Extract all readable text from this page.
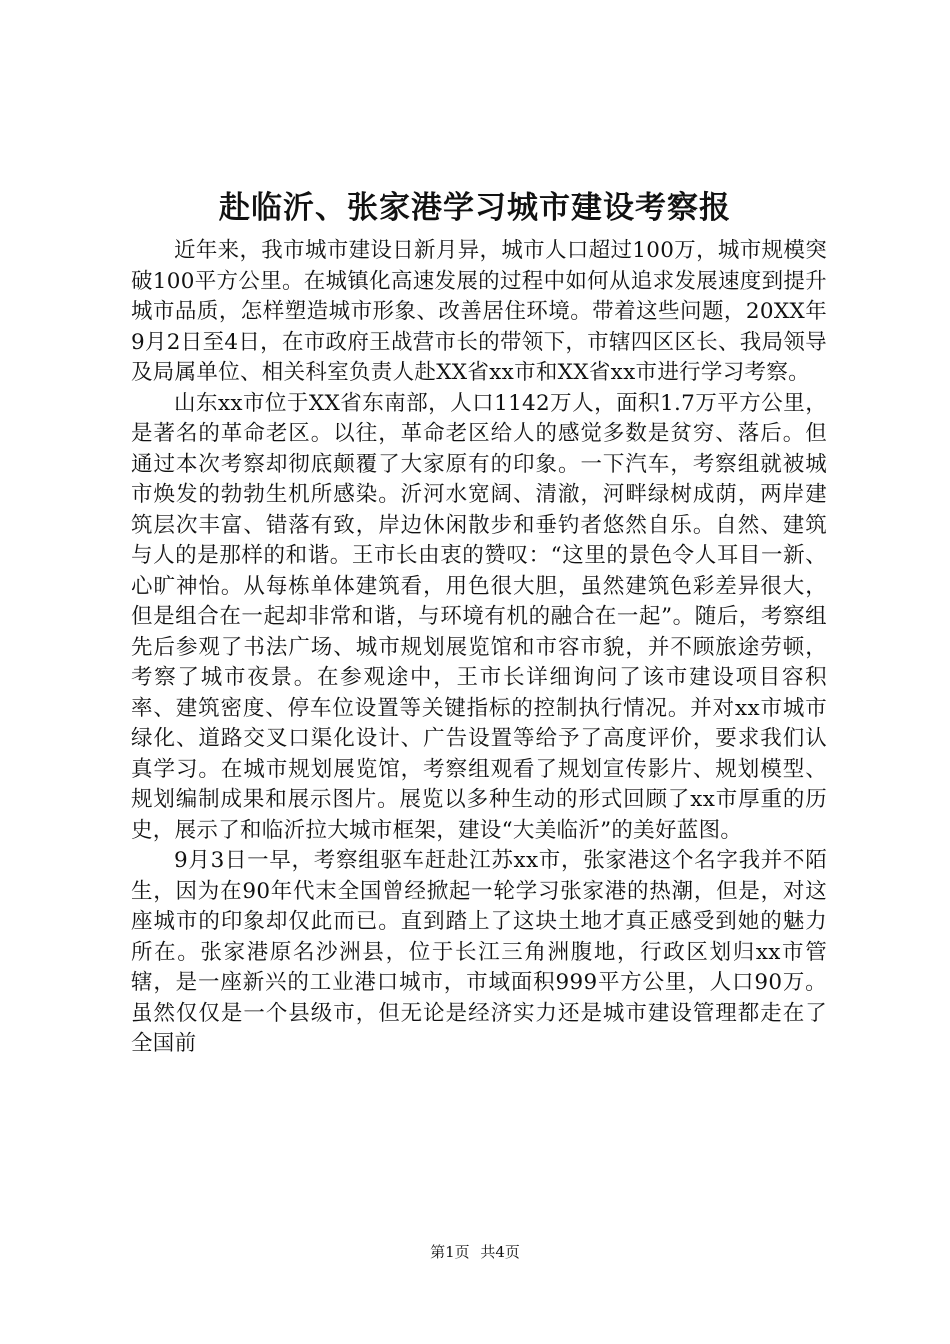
赴临沂、张家港学习城市建设考察报

近年来，我市城市建设日新月异，城市人口超过100万，城市规模突破100平方公里。在城镇化高速发展的过程中如何从追求发展速度到提升城市品质，怎样塑造城市形象、改善居住环境。带着这些问题，20XX年9月2日至4日，在市政府王战营市长的带领下，市辖四区区长、我局领导及局属单位、相关科室负责人赴XX省xx市和XX省xx市进行学习考察。

山东xx市位于XX省东南部，人口1142万人，面积1.7万平方公里，是著名的革命老区。以往，革命老区给人的感觉多数是贫穷、落后。但通过本次考察却彻底颠覆了大家原有的印象。一下汽车，考察组就被城市焕发的勃勃生机所感染。沂河水宽阔、清澈，河畔绿树成荫，两岸建筑层次丰富、错落有致，岸边休闲散步和垂钓者悠然自乐。自然、建筑与人的是那样的和谐。王市长由衷的赞叹：“这里的景色令人耳目一新、心旷神怡。从每栋单体建筑看，用色很大胆，虽然建筑色彩差异很大，但是组合在一起却非常和谐，与环境有机的融合在一起”。随后，考察组先后参观了书法广场、城市规划展览馆和市容市貌，并不顾旅途劳顿，考察了城市夜景。在参观途中，王市长详细询问了该市建设项目容积率、建筑密度、停车位设置等关键指标的控制执行情况。并对xx市城市绿化、道路交叉口渠化设计、广告设置等给予了高度评价，要求我们认真学习。在城市规划展览馆，考察组观看了规划宣传影片、规划模型、规划编制成果和展示图片。展览以多种生动的形式回顾了xx市厚重的历史，展示了和临沂拉大城市框架，建设“大美临沂”的美好蓝图。

9月3日一早，考察组驱车赶赴江苏xx市，张家港这个名字我并不陌生，因为在90年代末全国曾经掀起一轮学习张家港的热潮，但是，对这座城市的印象却仅此而已。直到踏上了这块土地才真正感受到她的魅力所在。张家港原名沙洲县，位于长江三角洲腹地，行政区划归xx市管辖，是一座新兴的工业港口城市，市域面积999平方公里，人口90万。虽然仅仅是一个县级市，但无论是经济实力还是城市建设管理都走在了全国前

第1页 共4页
